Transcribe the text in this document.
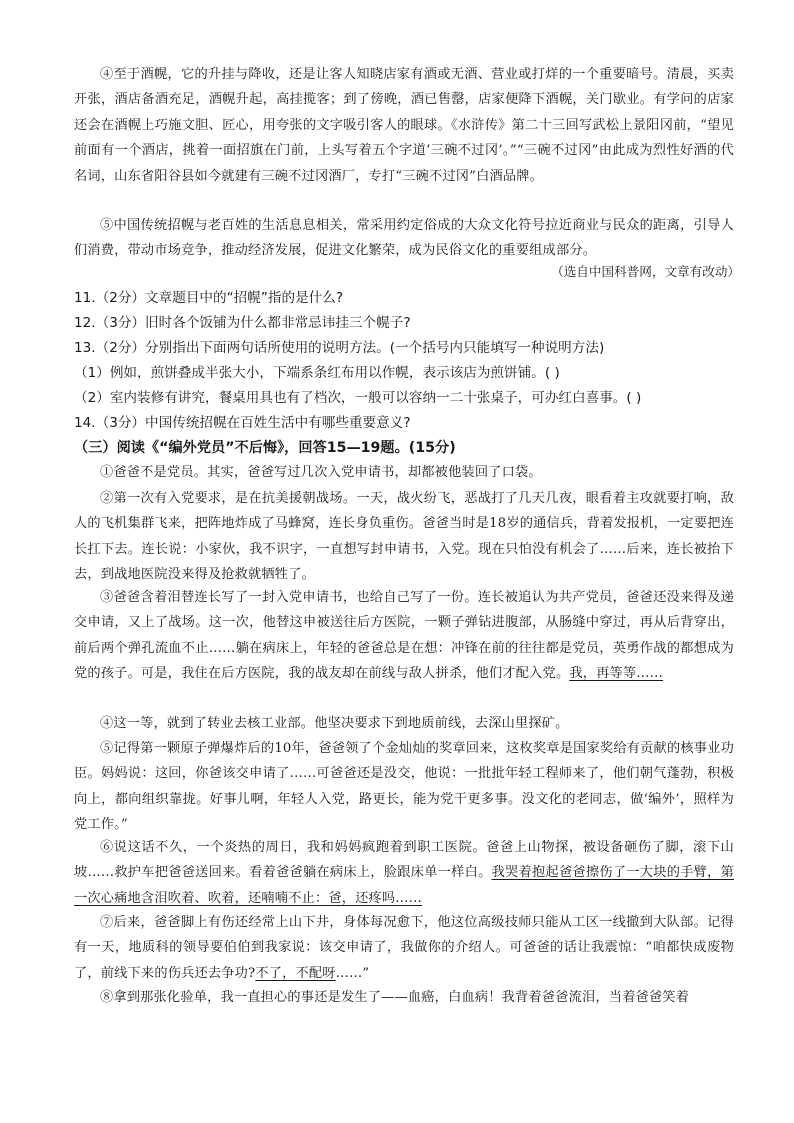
④至于酒幌，它的升挂与降收，还是让客人知晓店家有酒或无酒、营业或打烊的一个重要暗号。清晨，买卖开张，酒店备酒充足，酒幌升起，高挂揽客；到了傍晚，酒已售罄，店家便降下酒幌，关门歇业。有学问的店家还会在酒幌上巧施文胆、匠心，用夸张的文字吸引客人的眼球。《水浒传》第二十三回写武松上景阳冈前，“望见前面有一个酒店，挑着一面招旗在门前，上头写着五个字道‘三碗不过冈’。”“三碗不过冈”由此成为烈性好酒的代名词，山东省阳谷县如今就建有三碗不过冈酒厂，专打“三碗不过冈”白酒品牌。
⑤中国传统招幌与老百姓的生活息息相关，常采用约定俗成的大众文化符号拉近商业与民众的距离，引导人们消费，带动市场竞争，推动经济发展，促进文化繁荣，成为民俗文化的重要组成部分。
（选自中国科普网，文章有改动）
11.（2分）文章题目中的“招幌”指的是什么?
12.（3分）旧时各个饭铺为什么都非常忌讳挂三个幌子?
13.（2分）分别指出下面两句话所使用的说明方法。(一个括号内只能填写一种说明方法)
（1）例如，煎饼叠成半张大小，下端系条红布用以作幌，表示该店为煎饼铺。( )
（2）室内装修有讲究，餐桌用具也有了档次，一般可以容纳一二十张桌子，可办红白喜事。( )
14.（3分）中国传统招幌在百姓生活中有哪些重要意义?
（三）阅读《“编外党员”不后悔》，回答15—19题。(15分)
①爸爸不是党员。其实，爸爸写过几次入党申请书，却都被他装回了口袋。
②第一次有入党要求，是在抗美援朝战场。一天，战火纷飞，恶战打了几天几夜，眼看着主攻就要打响，敌人的飞机集群飞来，把阵地炸成了马蜂窝，连长身负重伤。爸爸当时是18岁的通信兵，背着发报机，一定要把连长扛下去。连长说：小家伙，我不识字，一直想写封申请书，入党。现在只怕没有机会了……后来，连长被抬下去，到战地医院没来得及抢救就牺牲了。
③爸爸含着泪替连长写了一封入党申请书，也给自己写了一份。连长被追认为共产党员，爸爸还没来得及递交申请，又上了战场。这一次，他替这申被送往后方医院，一颗子弹钻进腹部，从肠缝中穿过，再从后背穿出，前后两个弹孔流血不止……躺在病床上，年轻的爸爸总是在想：冲锋在前的往往都是党员，英勇作战的都想成为党的孩子。可是，我住在后方医院，我的战友却在前线与敌人拼杀，他们才配入党。我，再等等……
④这一等，就到了转业去核工业部。他坚决要求下到地质前线，去深山里探矿。
⑤记得第一颗原子弹爆炸后的10年，爸爸领了个金灿灿的奖章回来，这枚奖章是国家奖给有贡献的核事业功臣。妈妈说：这回，你爸该交申请了……可爸爸还是没交，他说：一批批年轻工程师来了，他们朝气蓬勃，积极向上，都向组织靠拢。好事儿啊，年轻人入党，路更长，能为党干更多事。没文化的老同志，做‘编外’，照样为党工作。”
⑥说这话不久，一个炎热的周日，我和妈妈疯跑着到职工医院。爸爸上山物探，被设备砸伤了脚，滚下山坡……救护车把爸爸送回来。看着爸爸躺在病床上，脸跟床单一样白。我哭着抱起爸爸擦伤了一大块的手臂，第一次心痛地含泪吹着、吹着，还喃喃不止：爸，还疼吗……
⑦后来，爸爸脚上有伤还经常上山下井，身体每况愈下，他这位高级技师只能从工区一线撤到大队部。记得有一天，地质科的领导要伯伯到我家说：该交申请了，我做你的介绍人。可爸爸的话让我震惊：“咱都快成废物了，前线下来的伤兵还去争功?不了，不配呀……”
⑧拿到那张化验单，我一直担心的事还是发生了——血癌，白血病！我背着爸爸流泪，当着爸爸笑着
